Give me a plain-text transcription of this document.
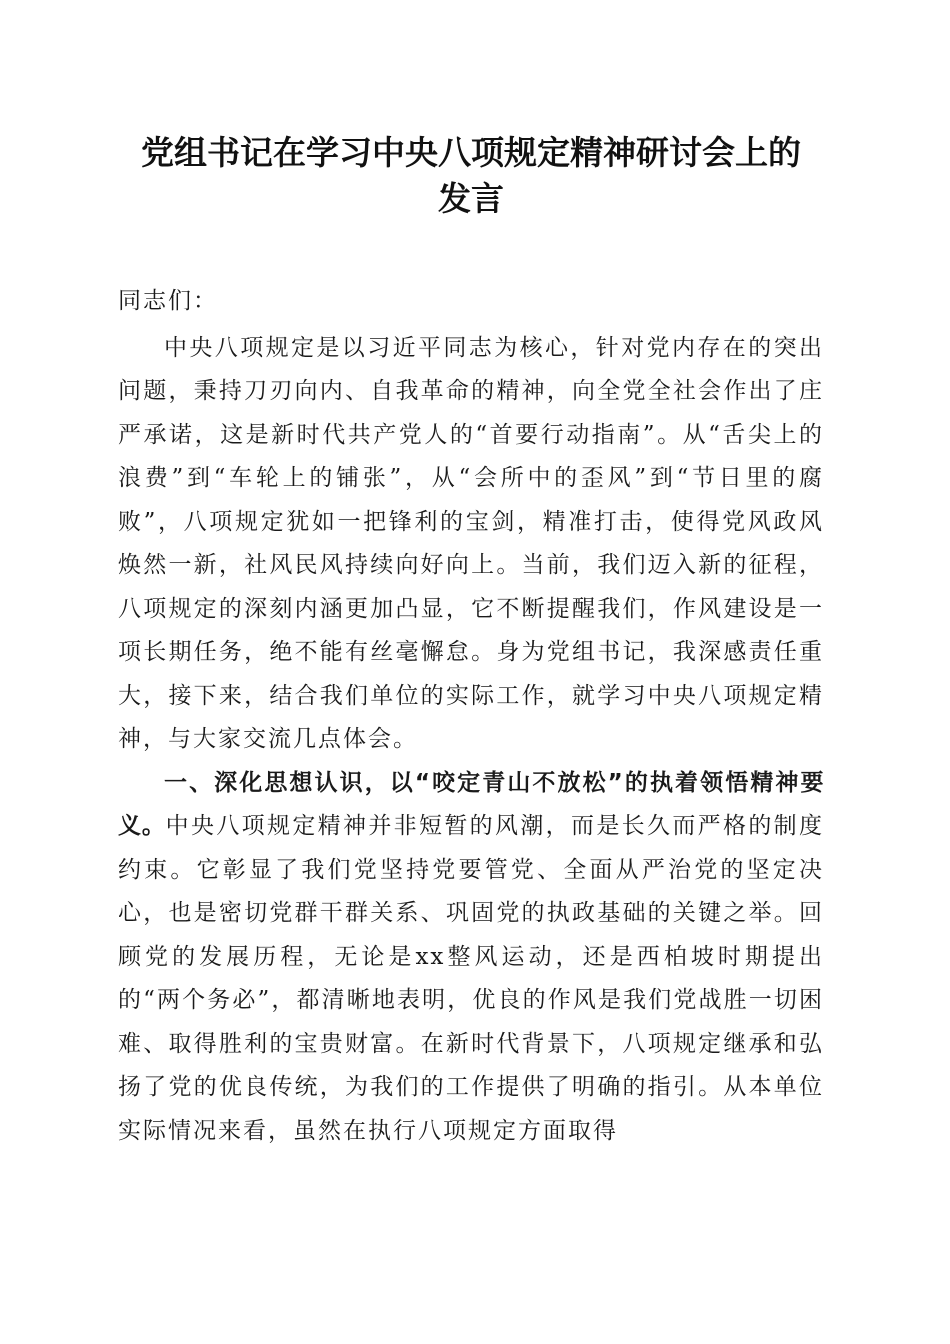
党组书记在学习中央八项规定精神研讨会上的
发言

同志们：

中央八项规定是以习近平同志为核心，针对党内存在的突出问题，秉持刀刃向内、自我革命的精神，向全党全社会作出了庄严承诺，这是新时代共产党人的“首要行动指南”。从“舌尖上的浪费”到“车轮上的铺张”，从“会所中的歪风”到“节日里的腐败”，八项规定犹如一把锋利的宝剑，精准打击，使得党风政风焕然一新，社风民风持续向好向上。当前，我们迈入新的征程，八项规定的深刻内涵更加凸显，它不断提醒我们，作风建设是一项长期任务，绝不能有丝毫懈怠。身为党组书记，我深感责任重大，接下来，结合我们单位的实际工作，就学习中央八项规定精神，与大家交流几点体会。

一、深化思想认识，以“咬定青山不放松”的执着领悟精神要义。中央八项规定精神并非短暂的风潮，而是长久而严格的制度约束。它彰显了我们党坚持党要管党、全面从严治党的坚定决心，也是密切党群干群关系、巩固党的执政基础的关键之举。回顾党的发展历程，无论是xx整风运动，还是西柏坡时期提出的“两个务必”，都清晰地表明，优良的作风是我们党战胜一切困难、取得胜利的宝贵财富。在新时代背景下，八项规定继承和弘扬了党的优良传统，为我们的工作提供了明确的指引。从本单位实际情况来看，虽然在执行八项规定方面取得
